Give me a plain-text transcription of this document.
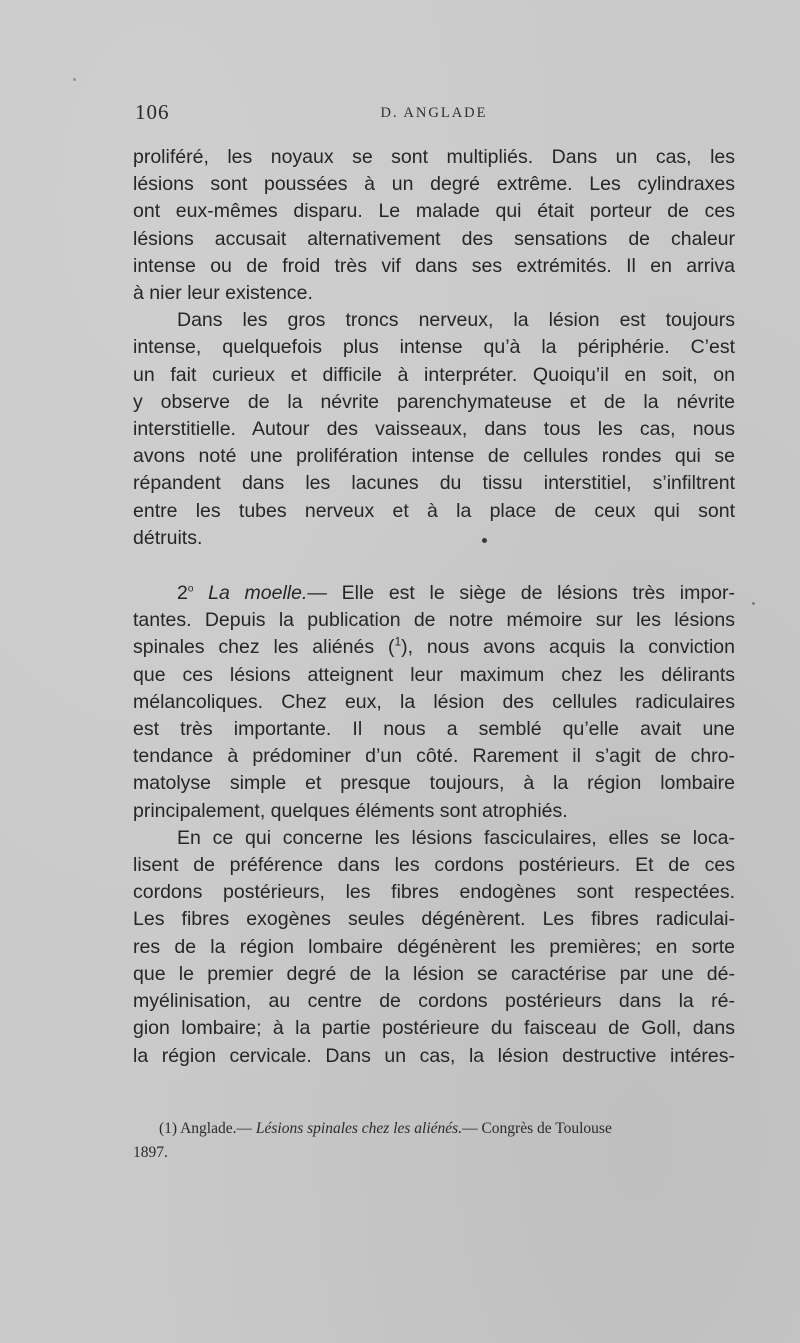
106	D. ANGLADE

proliféré, les noyaux se sont multipliés. Dans un cas, les

lésions sont poussées à un degré extrême. Les cylindraxes

ont eux-mêmes disparu. Le malade qui était porteur de ces

lésions accusait alternativement des sensations de chaleur

intense ou de froid très vif dans ses extrémités. Il en arriva

à nier leur existence.

Dans les gros troncs nerveux, la lésion est toujours

intense, quelquefois plus intense qu’à la périphérie. C’est

un fait curieux et difficile à interpréter. Quoiqu’il en soit, on

y observe de la névrite parenchymateuse et de la névrite

interstitielle. Autour des vaisseaux, dans tous les cas, nous

avons noté une prolifération intense de cellules rondes qui se

répandent dans les lacunes du tissu interstitiel, s’infiltrent

entre les tubes nerveux et à la place de ceux qui sont

détruits.

2$^o$ La moelle.— Elle est le siège de lésions très impor-

tantes. Depuis la publication de notre mémoire sur les lésions

spinales chez les aliénés ($^1$), nous avons acquis la conviction

que ces lésions atteignent leur maximum chez les délirants

mélancoliques. Chez eux, la lésion des cellules radiculaires

est très importante. Il nous a semblé qu’elle avait une

tendance à prédominer d’un côté. Rarement il s’agit de chro-

matolyse simple et presque toujours, à la région lombaire

principalement, quelques éléments sont atrophiés.

En ce qui concerne les lésions fasciculaires, elles se loca-

lisent de préférence dans les cordons postérieurs. Et de ces

cordons postérieurs, les fibres endogènes sont respectées.

Les fibres exogènes seules dégénèrent. Les fibres radiculai-

res de la région lombaire dégénèrent les premières; en sorte

que le premier degré de la lésion se caractérise par une dé-

myélinisation, au centre de cordons postérieurs dans la ré-

gion lombaire; à la partie postérieure du faisceau de Goll, dans

la région cervicale. Dans un cas, la lésion destructive intéres-

(1) Anglade.— Lésions spinales chez les aliénés.— Congrès de Toulouse
1897.
